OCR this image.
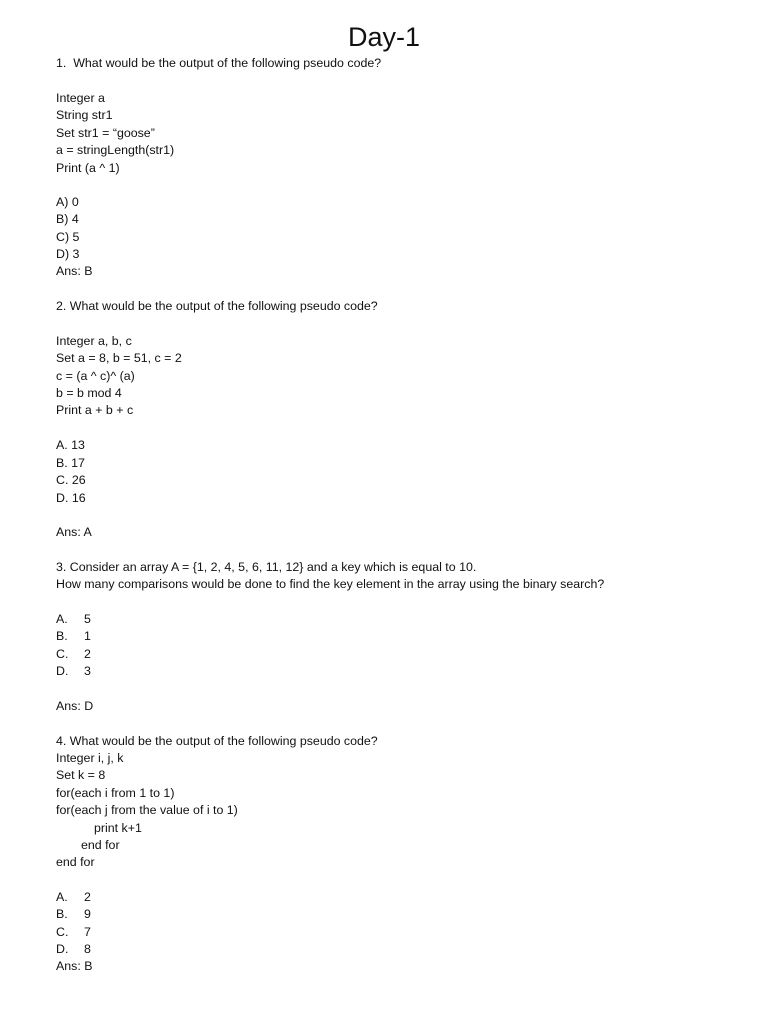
Day-1

1.  What would be the output of the following pseudo code?

Integer a

String str1

Set str1 = “goose”

a = stringLength(str1)

Print (a ^ 1)

A) 0

B) 4

C) 5

D) 3

Ans: B

2. What would be the output of the following pseudo code?

Integer a, b, c

Set a = 8, b = 51, c = 2

c = (a ^ c)^ (a)

b = b mod 4

Print a + b + c

A. 13

B. 17

C. 26

D. 16

Ans: A

3. Consider an array A = {1, 2, 4, 5, 6, 11, 12} and a key which is equal to 10.

How many comparisons would be done to find the key element in the array using the binary search?

A. 5

B. 1

C. 2

D. 3

Ans: D

4. What would be the output of the following pseudo code?

Integer i, j, k

Set k = 8

for(each i from 1 to 1)

for(each j from the value of i to 1)

print k+1

end for

end for

A. 2

B. 9

C. 7

D. 8

Ans: B
